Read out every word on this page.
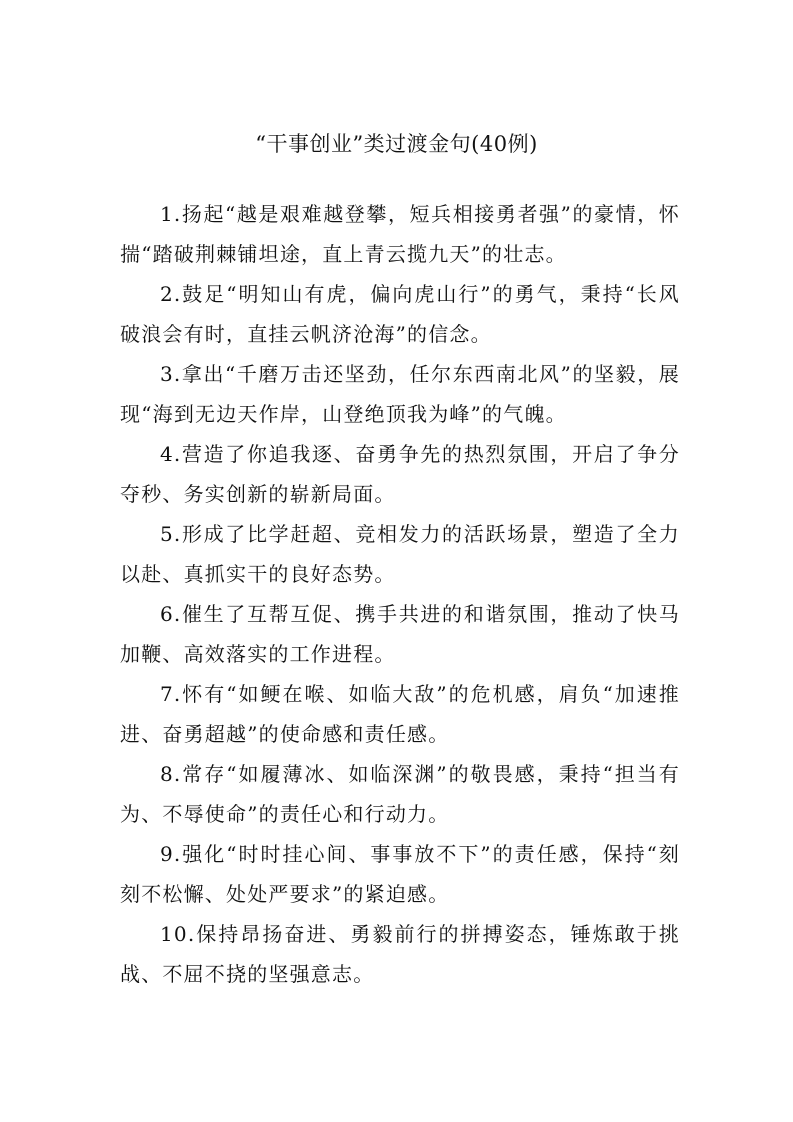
“干事创业”类过渡金句(40例)

1.扬起“越是艰难越登攀，短兵相接勇者强”的豪情，怀揣“踏破荆棘铺坦途，直上青云揽九天”的壮志。

2.鼓足“明知山有虎，偏向虎山行”的勇气，秉持“长风破浪会有时，直挂云帆济沧海”的信念。

3.拿出“千磨万击还坚劲，任尔东西南北风”的坚毅，展现“海到无边天作岸，山登绝顶我为峰”的气魄。

4.营造了你追我逐、奋勇争先的热烈氛围，开启了争分夺秒、务实创新的崭新局面。

5.形成了比学赶超、竞相发力的活跃场景，塑造了全力以赴、真抓实干的良好态势。

6.催生了互帮互促、携手共进的和谐氛围，推动了快马加鞭、高效落实的工作进程。

7.怀有“如鲠在喉、如临大敌”的危机感，肩负“加速推进、奋勇超越”的使命感和责任感。

8.常存“如履薄冰、如临深渊”的敬畏感，秉持“担当有为、不辱使命”的责任心和行动力。

9.强化“时时挂心间、事事放不下”的责任感，保持“刻刻不松懈、处处严要求”的紧迫感。

10.保持昂扬奋进、勇毅前行的拼搏姿态，锤炼敢于挑战、不屈不挠的坚强意志。
